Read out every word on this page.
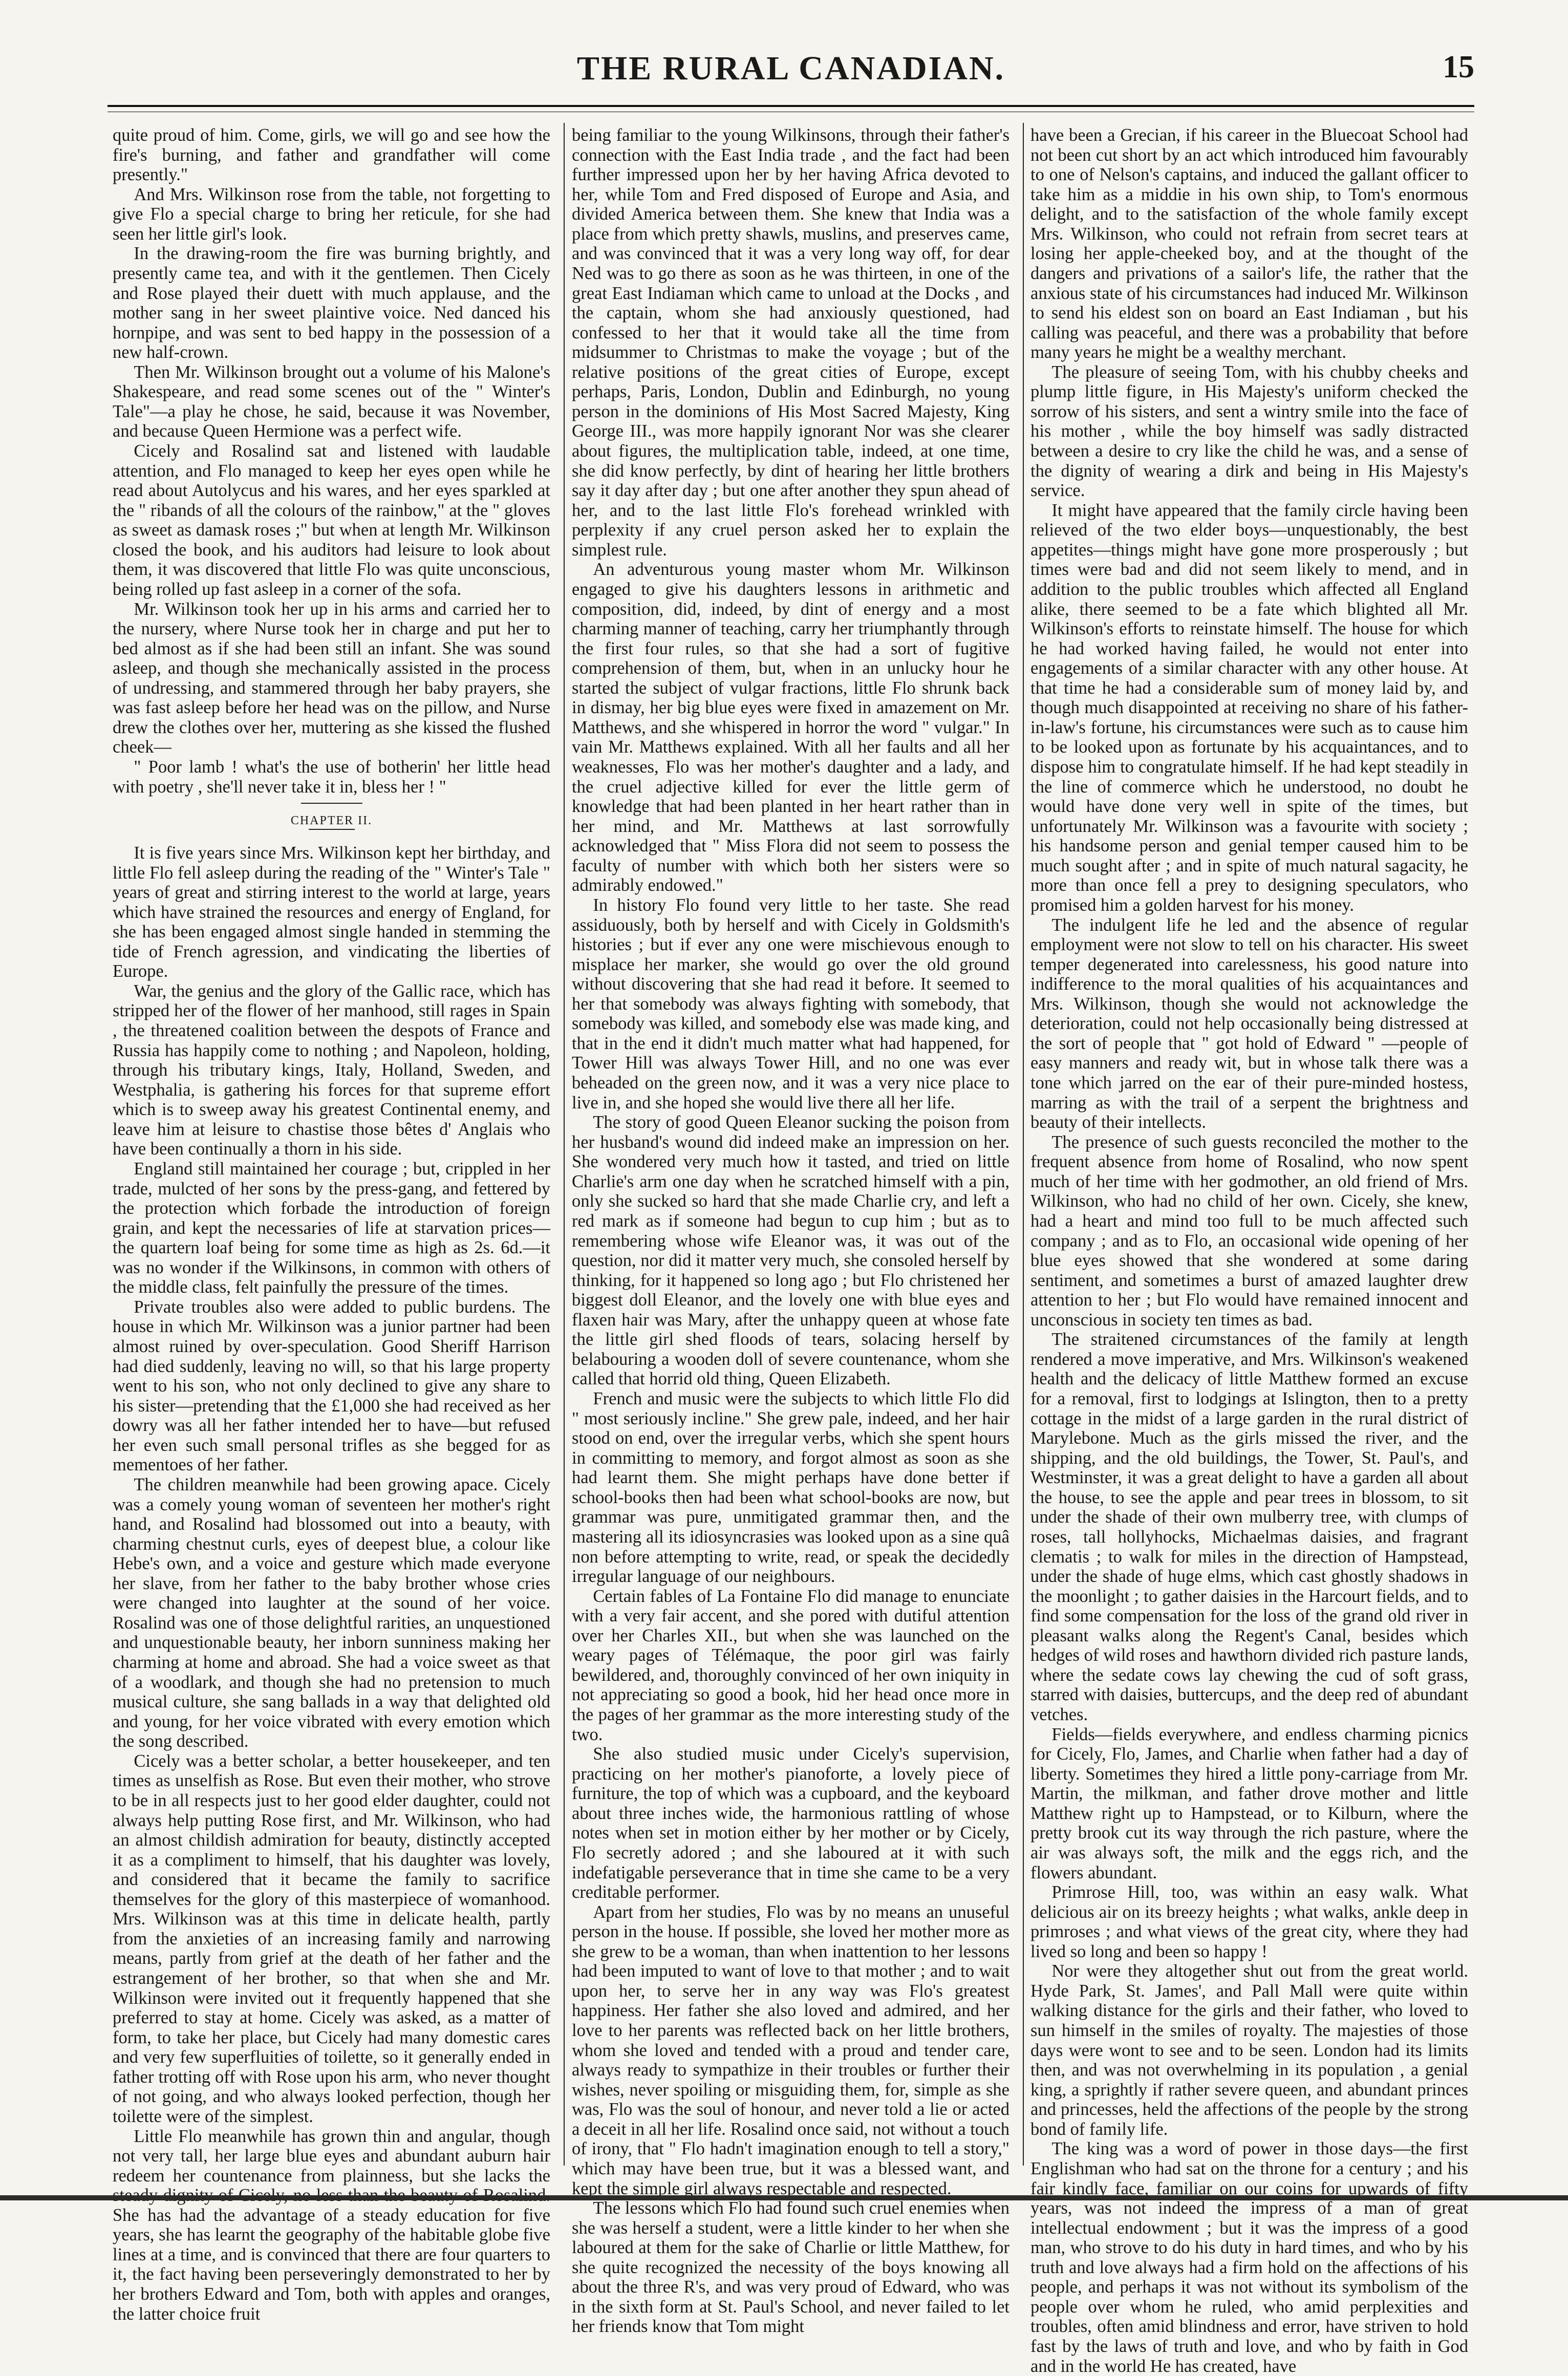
THE RURAL CANADIAN.	15

quite proud of him. Come, girls, we will go and see how the fire's burning, and father and grandfather will come presently."

And Mrs. Wilkinson rose from the table, not forgetting to give Flo a special charge to bring her reticule, for she had seen her little girl's look.

In the drawing-room the fire was burning brightly, and presently came tea, and with it the gentlemen. Then Cicely and Rose played their duett with much applause, and the mother sang in her sweet plaintive voice. Ned danced his hornpipe, and was sent to bed happy in the possession of a new half-crown.

Then Mr. Wilkinson brought out a volume of his Malone's Shakespeare, and read some scenes out of the " Winter's Tale"—a play he chose, he said, because it was November, and because Queen Hermione was a perfect wife.

Cicely and Rosalind sat and listened with laudable attention, and Flo managed to keep her eyes open while he read about Autolycus and his wares, and her eyes sparkled at the " ribands of all the colours of the rainbow," at the " gloves as sweet as damask roses ;" but when at length Mr. Wilkinson closed the book, and his auditors had leisure to look about them, it was discovered that little Flo was quite unconscious, being rolled up fast asleep in a corner of the sofa.

Mr. Wilkinson took her up in his arms and carried her to the nursery, where Nurse took her in charge and put her to bed almost as if she had been still an infant. She was sound asleep, and though she mechanically assisted in the process of undressing, and stammered through her baby prayers, she was fast asleep before her head was on the pillow, and Nurse drew the clothes over her, muttering as she kissed the flushed cheek—

" Poor lamb ! what's the use of botherin' her little head with poetry , she'll never take it in, bless her ! "

CHAPTER II.

It is five years since Mrs. Wilkinson kept her birthday, and little Flo fell asleep during the reading of the " Winter's Tale " years of great and stirring interest to the world at large, years which have strained the resources and energy of England, for she has been engaged almost single handed in stemming the tide of French agression, and vindicating the liberties of Europe.

War, the genius and the glory of the Gallic race, which has stripped her of the flower of her manhood, still rages in Spain , the threatened coalition between the despots of France and Russia has happily come to nothing ; and Napoleon, holding, through his tributary kings, Italy, Holland, Sweden, and Westphalia, is gathering his forces for that supreme effort which is to sweep away his greatest Continental enemy, and leave him at leisure to chastise those bêtes d' Anglais who have been continually a thorn in his side.

England still maintained her courage ; but, crippled in her trade, mulcted of her sons by the press-gang, and fettered by the protection which forbade the introduction of foreign grain, and kept the necessaries of life at starvation prices—the quartern loaf being for some time as high as 2s. 6d.—it was no wonder if the Wilkinsons, in common with others of the middle class, felt painfully the pressure of the times.

Private troubles also were added to public burdens. The house in which Mr. Wilkinson was a junior partner had been almost ruined by over-speculation. Good Sheriff Harrison had died suddenly, leaving no will, so that his large property went to his son, who not only declined to give any share to his sister—pretending that the £1,000 she had received as her dowry was all her father intended her to have—but refused her even such small personal trifles as she begged for as mementoes of her father.

The children meanwhile had been growing apace. Cicely was a comely young woman of seventeen her mother's right hand, and Rosalind had blossomed out into a beauty, with charming chestnut curls, eyes of deepest blue, a colour like Hebe's own, and a voice and gesture which made everyone her slave, from her father to the baby brother whose cries were changed into laughter at the sound of her voice. Rosalind was one of those delightful rarities, an unquestioned and unquestionable beauty, her inborn sunniness making her charming at home and abroad. She had a voice sweet as that of a woodlark, and though she had no pretension to much musical culture, she sang ballads in a way that delighted old and young, for her voice vibrated with every emotion which the song described.

Cicely was a better scholar, a better housekeeper, and ten times as unselfish as Rose. But even their mother, who strove to be in all respects just to her good elder daughter, could not always help putting Rose first, and Mr. Wilkinson, who had an almost childish admiration for beauty, distinctly accepted it as a compliment to himself, that his daughter was lovely, and considered that it became the family to sacrifice themselves for the glory of this masterpiece of womanhood. Mrs. Wilkinson was at this time in delicate health, partly from the anxieties of an increasing family and narrowing means, partly from grief at the death of her father and the estrangement of her brother, so that when she and Mr. Wilkinson were invited out it frequently happened that she preferred to stay at home. Cicely was asked, as a matter of form, to take her place, but Cicely had many domestic cares and very few superfluities of toilette, so it generally ended in father trotting off with Rose upon his arm, who never thought of not going, and who always looked perfection, though her toilette were of the simplest.

Little Flo meanwhile has grown thin and angular, though not very tall, her large blue eyes and abundant auburn hair redeem her countenance from plainness, but she lacks the steady dignity of Cicely, no less than the beauty of Rosalind. She has had the advantage of a steady education for five years, she has learnt the geography of the habitable globe five lines at a time, and is convinced that there are four quarters to it, the fact having been perseveringly demonstrated to her by her brothers Edward and Tom, both with apples and oranges, the latter choice fruit

being familiar to the young Wilkinsons, through their father's connection with the East India trade , and the fact had been further impressed upon her by her having Africa devoted to her, while Tom and Fred disposed of Europe and Asia, and divided America between them. She knew that India was a place from which pretty shawls, muslins, and preserves came, and was convinced that it was a very long way off, for dear Ned was to go there as soon as he was thirteen, in one of the great East Indiaman which came to unload at the Docks , and the captain, whom she had anxiously questioned, had confessed to her that it would take all the time from midsummer to Christmas to make the voyage ; but of the relative positions of the great cities of Europe, except perhaps, Paris, London, Dublin and Edinburgh, no young person in the dominions of His Most Sacred Majesty, King George III., was more happily ignorant Nor was she clearer about figures, the multiplication table, indeed, at one time, she did know perfectly, by dint of hearing her little brothers say it day after day ; but one after another they spun ahead of her, and to the last little Flo's forehead wrinkled with perplexity if any cruel person asked her to explain the simplest rule.

An adventurous young master whom Mr. Wilkinson engaged to give his daughters lessons in arithmetic and composition, did, indeed, by dint of energy and a most charming manner of teaching, carry her triumphantly through the first four rules, so that she had a sort of fugitive comprehension of them, but, when in an unlucky hour he started the subject of vulgar fractions, little Flo shrunk back in dismay, her big blue eyes were fixed in amazement on Mr. Matthews, and she whispered in horror the word " vulgar." In vain Mr. Matthews explained. With all her faults and all her weaknesses, Flo was her mother's daughter and a lady, and the cruel adjective killed for ever the little germ of knowledge that had been planted in her heart rather than in her mind, and Mr. Matthews at last sorrowfully acknowledged that " Miss Flora did not seem to possess the faculty of number with which both her sisters were so admirably endowed."

In history Flo found very little to her taste. She read assiduously, both by herself and with Cicely in Goldsmith's histories ; but if ever any one were mischievous enough to misplace her marker, she would go over the old ground without discovering that she had read it before. It seemed to her that somebody was always fighting with somebody, that somebody was killed, and somebody else was made king, and that in the end it didn't much matter what had happened, for Tower Hill was always Tower Hill, and no one was ever beheaded on the green now, and it was a very nice place to live in, and she hoped she would live there all her life.

The story of good Queen Eleanor sucking the poison from her husband's wound did indeed make an impression on her. She wondered very much how it tasted, and tried on little Charlie's arm one day when he scratched himself with a pin, only she sucked so hard that she made Charlie cry, and left a red mark as if someone had begun to cup him ; but as to remembering whose wife Eleanor was, it was out of the question, nor did it matter very much, she consoled herself by thinking, for it happened so long ago ; but Flo christened her biggest doll Eleanor, and the lovely one with blue eyes and flaxen hair was Mary, after the unhappy queen at whose fate the little girl shed floods of tears, solacing herself by belabouring a wooden doll of severe countenance, whom she called that horrid old thing, Queen Elizabeth.

French and music were the subjects to which little Flo did " most seriously incline." She grew pale, indeed, and her hair stood on end, over the irregular verbs, which she spent hours in committing to memory, and forgot almost as soon as she had learnt them. She might perhaps have done better if school-books then had been what school-books are now, but grammar was pure, unmitigated grammar then, and the mastering all its idiosyncrasies was looked upon as a sine quâ non before attempting to write, read, or speak the decidedly irregular language of our neighbours.

Certain fables of La Fontaine Flo did manage to enunciate with a very fair accent, and she pored with dutiful attention over her Charles XII., but when she was launched on the weary pages of Télémaque, the poor girl was fairly bewildered, and, thoroughly convinced of her own iniquity in not appreciating so good a book, hid her head once more in the pages of her grammar as the more interesting study of the two.

She also studied music under Cicely's supervision, practicing on her mother's pianoforte, a lovely piece of furniture, the top of which was a cupboard, and the keyboard about three inches wide, the harmonious rattling of whose notes when set in motion either by her mother or by Cicely, Flo secretly adored ; and she laboured at it with such indefatigable perseverance that in time she came to be a very creditable performer.

Apart from her studies, Flo was by no means an unuseful person in the house. If possible, she loved her mother more as she grew to be a woman, than when inattention to her lessons had been imputed to want of love to that mother ; and to wait upon her, to serve her in any way was Flo's greatest happiness. Her father she also loved and admired, and her love to her parents was reflected back on her little brothers, whom she loved and tended with a proud and tender care, always ready to sympathize in their troubles or further their wishes, never spoiling or misguiding them, for, simple as she was, Flo was the soul of honour, and never told a lie or acted a deceit in all her life. Rosalind once said, not without a touch of irony, that " Flo hadn't imagination enough to tell a story," which may have been true, but it was a blessed want, and kept the simple girl always respectable and respected.

The lessons which Flo had found such cruel enemies when she was herself a student, were a little kinder to her when she laboured at them for the sake of Charlie or little Matthew, for she quite recognized the necessity of the boys knowing all about the three R's, and was very proud of Edward, who was in the sixth form at St. Paul's School, and never failed to let her friends know that Tom might

have been a Grecian, if his career in the Bluecoat School had not been cut short by an act which introduced him favourably to one of Nelson's captains, and induced the gallant officer to take him as a middie in his own ship, to Tom's enormous delight, and to the satisfaction of the whole family except Mrs. Wilkinson, who could not refrain from secret tears at losing her apple-cheeked boy, and at the thought of the dangers and privations of a sailor's life, the rather that the anxious state of his circumstances had induced Mr. Wilkinson to send his eldest son on board an East Indiaman , but his calling was peaceful, and there was a probability that before many years he might be a wealthy merchant.

The pleasure of seeing Tom, with his chubby cheeks and plump little figure, in His Majesty's uniform checked the sorrow of his sisters, and sent a wintry smile into the face of his mother , while the boy himself was sadly distracted between a desire to cry like the child he was, and a sense of the dignity of wearing a dirk and being in His Majesty's service.

It might have appeared that the family circle having been relieved of the two elder boys—unquestionably, the best appetites—things might have gone more prosperously ; but times were bad and did not seem likely to mend, and in addition to the public troubles which affected all England alike, there seemed to be a fate which blighted all Mr. Wilkinson's efforts to reinstate himself. The house for which he had worked having failed, he would not enter into engagements of a similar character with any other house. At that time he had a considerable sum of money laid by, and though much disappointed at receiving no share of his father-in-law's fortune, his circumstances were such as to cause him to be looked upon as fortunate by his acquaintances, and to dispose him to congratulate himself. If he had kept steadily in the line of commerce which he understood, no doubt he would have done very well in spite of the times, but unfortunately Mr. Wilkinson was a favourite with society ; his handsome person and genial temper caused him to be much sought after ; and in spite of much natural sagacity, he more than once fell a prey to designing speculators, who promised him a golden harvest for his money.

The indulgent life he led and the absence of regular employment were not slow to tell on his character. His sweet temper degenerated into carelessness, his good nature into indifference to the moral qualities of his acquaintances and Mrs. Wilkinson, though she would not acknowledge the deterioration, could not help occasionally being distressed at the sort of people that " got hold of Edward " —people of easy manners and ready wit, but in whose talk there was a tone which jarred on the ear of their pure-minded hostess, marring as with the trail of a serpent the brightness and beauty of their intellects.

The presence of such guests reconciled the mother to the frequent absence from home of Rosalind, who now spent much of her time with her godmother, an old friend of Mrs. Wilkinson, who had no child of her own. Cicely, she knew, had a heart and mind too full to be much affected such company ; and as to Flo, an occasional wide opening of her blue eyes showed that she wondered at some daring sentiment, and sometimes a burst of amazed laughter drew attention to her ; but Flo would have remained innocent and unconscious in society ten times as bad.

The straitened circumstances of the family at length rendered a move imperative, and Mrs. Wilkinson's weakened health and the delicacy of little Matthew formed an excuse for a removal, first to lodgings at Islington, then to a pretty cottage in the midst of a large garden in the rural district of Marylebone. Much as the girls missed the river, and the shipping, and the old buildings, the Tower, St. Paul's, and Westminster, it was a great delight to have a garden all about the house, to see the apple and pear trees in blossom, to sit under the shade of their own mulberry tree, with clumps of roses, tall hollyhocks, Michaelmas daisies, and fragrant clematis ; to walk for miles in the direction of Hampstead, under the shade of huge elms, which cast ghostly shadows in the moonlight ; to gather daisies in the Harcourt fields, and to find some compensation for the loss of the grand old river in pleasant walks along the Regent's Canal, besides which hedges of wild roses and hawthorn divided rich pasture lands, where the sedate cows lay chewing the cud of soft grass, starred with daisies, buttercups, and the deep red of abundant vetches.

Fields—fields everywhere, and endless charming picnics for Cicely, Flo, James, and Charlie when father had a day of liberty. Sometimes they hired a little pony-carriage from Mr. Martin, the milkman, and father drove mother and little Matthew right up to Hampstead, or to Kilburn, where the pretty brook cut its way through the rich pasture, where the air was always soft, the milk and the eggs rich, and the flowers abundant.

Primrose Hill, too, was within an easy walk. What delicious air on its breezy heights ; what walks, ankle deep in primroses ; and what views of the great city, where they had lived so long and been so happy !

Nor were they altogether shut out from the great world. Hyde Park, St. James', and Pall Mall were quite within walking distance for the girls and their father, who loved to sun himself in the smiles of royalty. The majesties of those days were wont to see and to be seen. London had its limits then, and was not overwhelming in its population , a genial king, a sprightly if rather severe queen, and abundant princes and princesses, held the affections of the people by the strong bond of family life.

The king was a word of power in those days—the first Englishman who had sat on the throne for a century ; and his fair kindly face, familiar on our coins for upwards of fifty years, was not indeed the impress of a man of great intellectual endowment ; but it was the impress of a good man, who strove to do his duty in hard times, and who by his truth and love always had a firm hold on the affections of his people, and perhaps it was not without its symbolism of the people over whom he ruled, who amid perplexities and troubles, often amid blindness and error, have striven to hold fast by the laws of truth and love, and who by faith in God and in the world He has created, have
